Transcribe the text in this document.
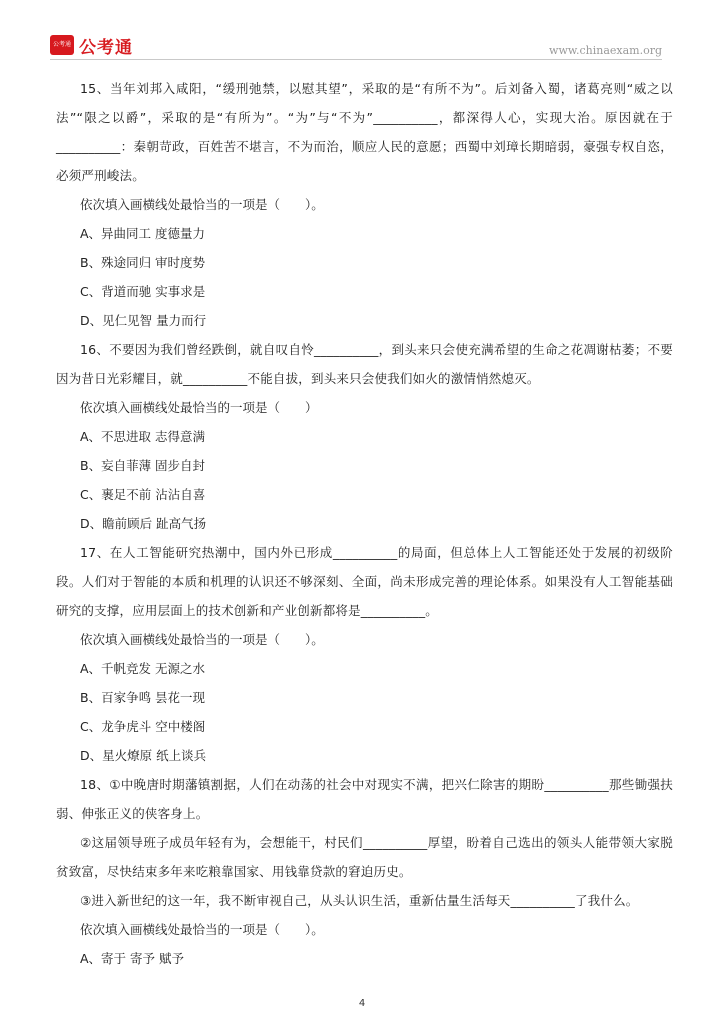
公考通 公考通	www.chinaexam.org

15、当年刘邦入咸阳，“缓刑弛禁，以慰其望”，采取的是“有所不为”。后刘备入蜀，诸葛亮则“威之以法”“限之以爵”，采取的是“有所为”。“为”与“不为”__________，都深得人心，实现大治。原因就在于__________：秦朝苛政，百姓苦不堪言，不为而治，顺应人民的意愿；西蜀中刘璋长期暗弱，豪强专权自恣，必须严刑峻法。

依次填入画横线处最恰当的一项是（　　）。

A、异曲同工 度德量力

B、殊途同归 审时度势

C、背道而驰 实事求是

D、见仁见智 量力而行

16、不要因为我们曾经跌倒，就自叹自怜__________，到头来只会使充满希望的生命之花凋谢枯萎；不要因为昔日光彩耀目，就__________不能自拔，到头来只会使我们如火的激情悄然熄灭。

依次填入画横线处最恰当的一项是（　　）

A、不思进取 志得意满

B、妄自菲薄 固步自封

C、裹足不前 沾沾自喜

D、瞻前顾后 趾高气扬

17、在人工智能研究热潮中，国内外已形成__________的局面，但总体上人工智能还处于发展的初级阶段。人们对于智能的本质和机理的认识还不够深刻、全面，尚未形成完善的理论体系。如果没有人工智能基础研究的支撑，应用层面上的技术创新和产业创新都将是__________。

依次填入画横线处最恰当的一项是（　　）。

A、千帆竞发 无源之水

B、百家争鸣 昙花一现

C、龙争虎斗 空中楼阁

D、星火燎原 纸上谈兵

18、①中晚唐时期藩镇割据，人们在动荡的社会中对现实不满，把兴仁除害的期盼__________那些锄强扶弱、伸张正义的侠客身上。

②这届领导班子成员年轻有为，会想能干，村民们__________厚望，盼着自己选出的领头人能带领大家脱贫致富，尽快结束多年来吃粮靠国家、用钱靠贷款的窘迫历史。

③进入新世纪的这一年，我不断审视自己，从头认识生活，重新估量生活每天__________了我什么。

依次填入画横线处最恰当的一项是（　　）。

A、寄于 寄予 赋予

4
